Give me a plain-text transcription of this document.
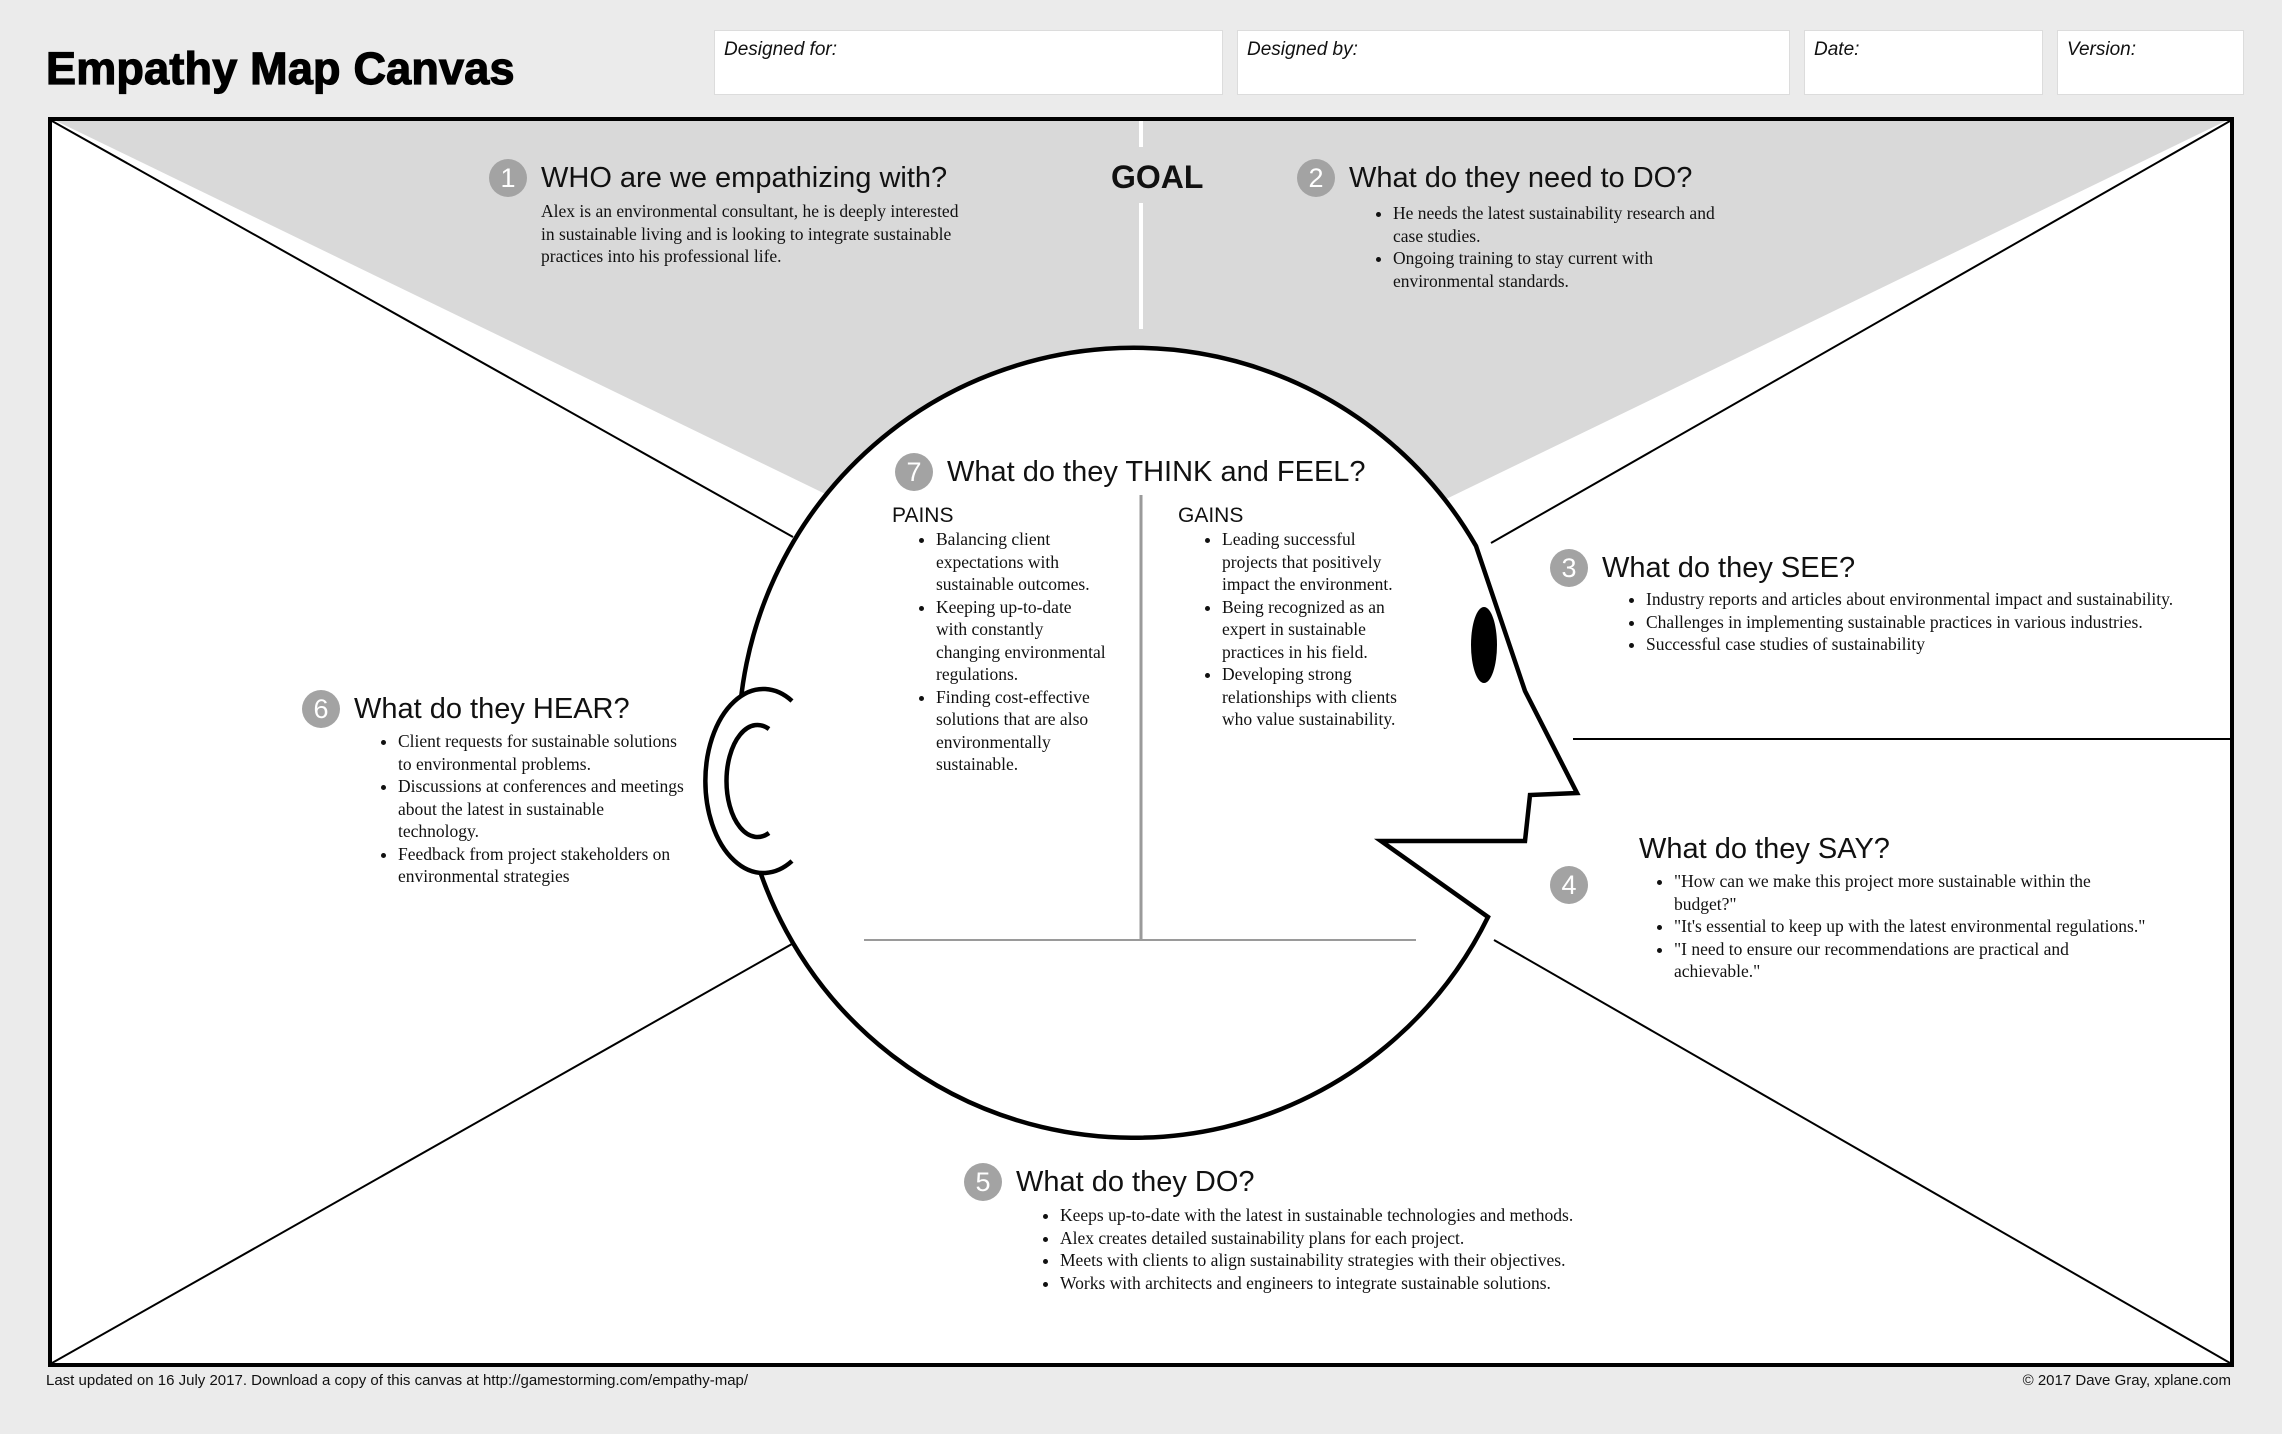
Empathy Map Canvas	Designed for:	Designed by:	Date:	Version:
GOAL
1 WHO are we empathizing with?
Alex is an environmental consultant, he is deeply interested in sustainable living and is looking to integrate sustainable practices into his professional life.
2 What do they need to DO?
• He needs the latest sustainability research and case studies.
• Ongoing training to stay current with environmental standards.
3 What do they SEE?
• Industry reports and articles about environmental impact and sustainability.
• Challenges in implementing sustainable practices in various industries.
• Successful case studies of sustainability
What do they SAY?
4
•	"How can we make this project more sustainable within the budget?"
• "It's essential to keep up with the latest environmental regulations."
• "I need to ensure our recommendations are practical and achievable."
5 What do they DO?
• Keeps up-to-date with the latest in sustainable technologies and methods.
• Alex creates detailed sustainability plans for each project.
• Meets with clients to align sustainability strategies with their objectives.
• Works with architects and engineers to integrate sustainable solutions.
6 What do they HEAR?
• Client requests for sustainable solutions to environmental problems.
• Discussions at conferences and meetings about the latest in sustainable technology.
• Feedback from project stakeholders on environmental strategies
7 What do they THINK and FEEL?
PAINS
• Balancing client expectations with sustainable outcomes.
• Keeping up-to-date with constantly changing environmental regulations.
• Finding cost-effective solutions that are also environmentally sustainable.
GAINS
• Leading successful projects that positively impact the environment.
• Being recognized as an expert in sustainable practices in his field.
• Developing strong relationships with clients who value sustainability.
Last updated on 16 July 2017. Download a copy of this canvas at http://gamestorming.com/empathy-map/	© 2017 Dave Gray, xplane.com
